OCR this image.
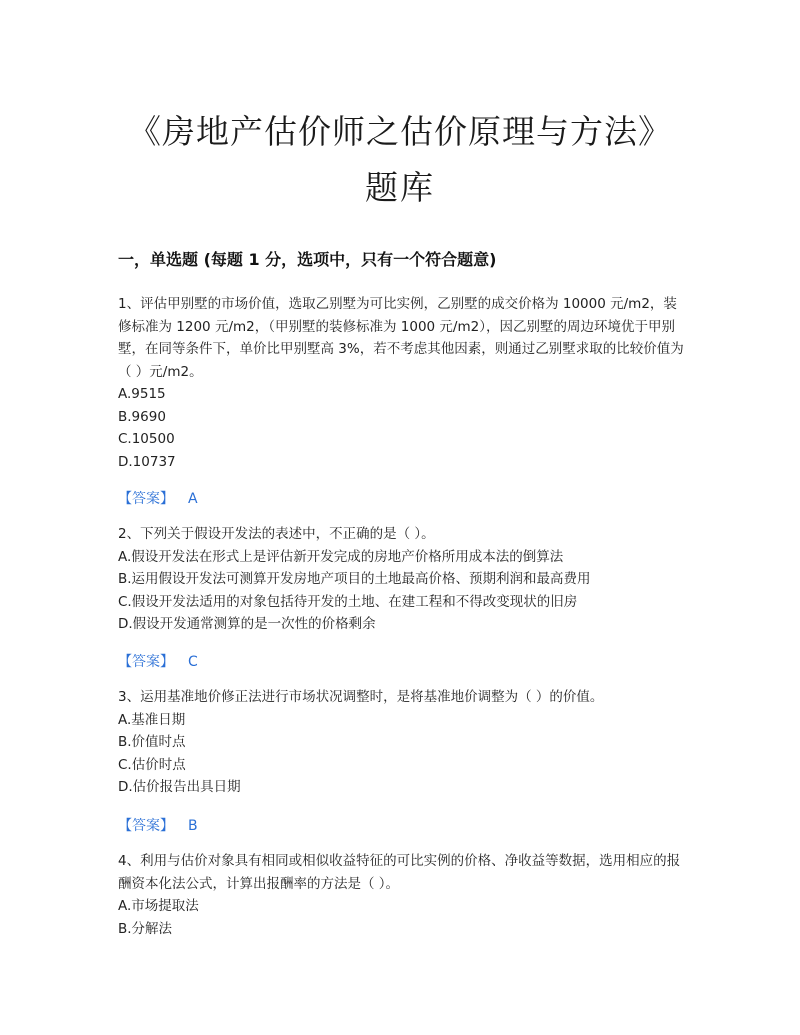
《房地产估价师之估价原理与方法》
题库
一，单选题 (每题 1 分，选项中，只有一个符合题意)

1、评估甲别墅的市场价值，选取乙别墅为可比实例，乙别墅的成交价格为 10000 元/m2，装修标准为 1200 元/m2，（甲别墅的装修标准为 1000 元/m2），因乙别墅的周边环境优于甲别墅，在同等条件下，单价比甲别墅高 3%，若不考虑其他因素，则通过乙别墅求取的比较价值为（ ）元/m2。

A.9515
B.9690
C.10500
D.10737
【答案】 A

2、下列关于假设开发法的表述中，不正确的是（ ）。

A.假设开发法在形式上是评估新开发完成的房地产价格所用成本法的倒算法
B.运用假设开发法可测算开发房地产项目的土地最高价格、预期利润和最高费用
C.假设开发法适用的对象包括待开发的土地、在建工程和不得改变现状的旧房
D.假设开发通常测算的是一次性的价格剩余
【答案】 C

3、运用基准地价修正法进行市场状况调整时，是将基准地价调整为（ ）的价值。

A.基准日期
B.价值时点
C.估价时点
D.估价报告出具日期
【答案】 B

4、利用与估价对象具有相同或相似收益特征的可比实例的价格、净收益等数据，选用相应的报酬资本化法公式，计算出报酬率的方法是（ ）。

A.市场提取法
B.分解法
